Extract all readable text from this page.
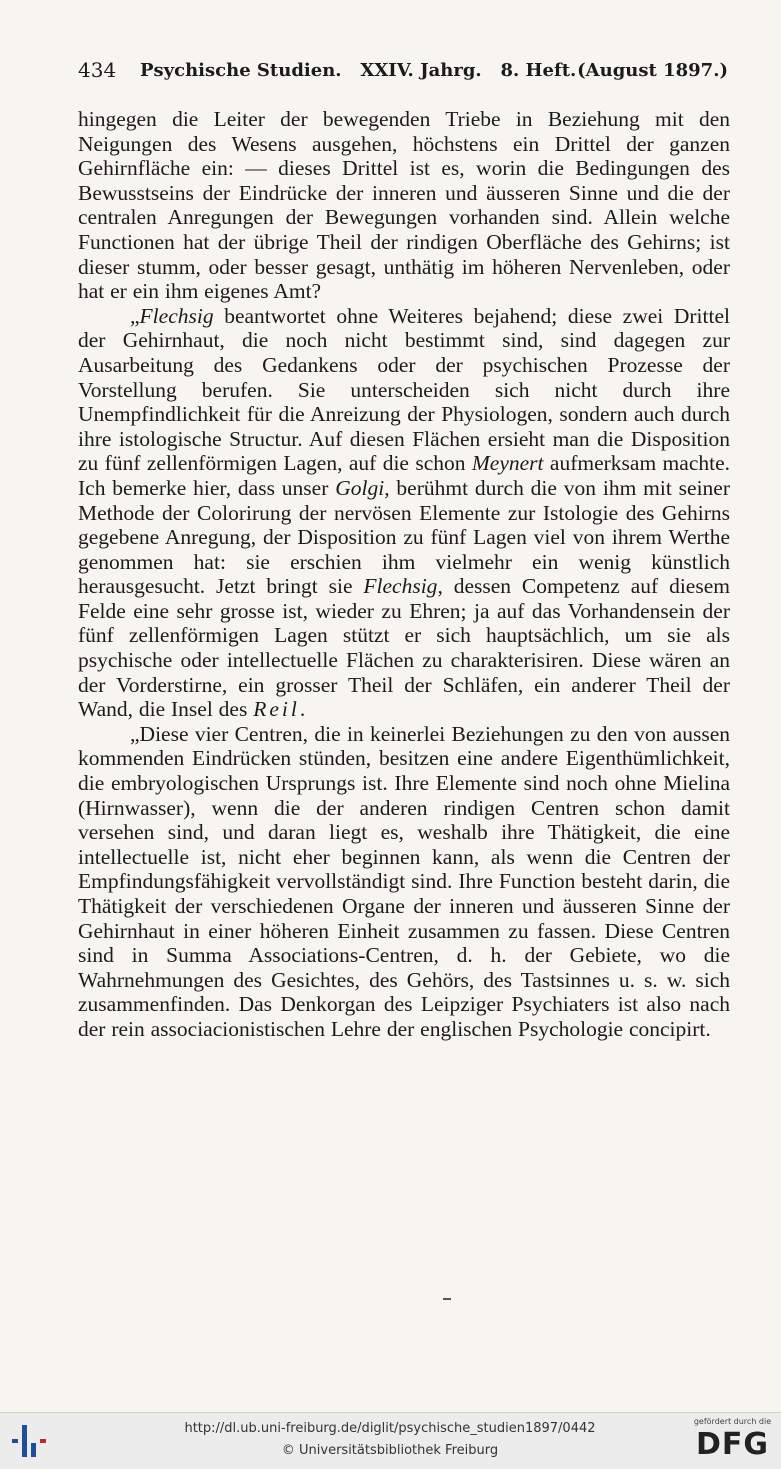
434 Psychische Studien. XXIV. Jahrg. 8. Heft. (August 1897.)

hingegen die Leiter der bewegenden Triebe in Beziehung mit den Neigungen des Wesens ausgehen, höchstens ein Drittel der ganzen Gehirnfläche ein: — dieses Drittel ist es, worin die Bedingungen des Bewusstseins der Eindrücke der inneren und äusseren Sinne und die der centralen Anregungen der Bewegungen vorhanden sind. Allein welche Functionen hat der übrige Theil der rindigen Oberfläche des Gehirns; ist dieser stumm, oder besser gesagt, unthätig im höheren Nervenleben, oder hat er ein ihm eigenes Amt?

„Flechsig beantwortet ohne Weiteres bejahend; diese zwei Drittel der Gehirnhaut, die noch nicht bestimmt sind, sind dagegen zur Ausarbeitung des Gedankens oder der psychischen Prozesse der Vorstellung berufen. Sie unterscheiden sich nicht durch ihre Unempfindlichkeit für die Anreizung der Physiologen, sondern auch durch ihre istologische Structur. Auf diesen Flächen ersieht man die Disposition zu fünf zellenförmigen Lagen, auf die schon Meynert aufmerksam machte. Ich bemerke hier, dass unser Golgi, berühmt durch die von ihm mit seiner Methode der Colorirung der nervösen Elemente zur Istologie des Gehirns gegebene Anregung, der Disposition zu fünf Lagen viel von ihrem Werthe genommen hat: sie erschien ihm vielmehr ein wenig künstlich herausgesucht. Jetzt bringt sie Flechsig, dessen Competenz auf diesem Felde eine sehr grosse ist, wieder zu Ehren; ja auf das Vorhandensein der fünf zellenförmigen Lagen stützt er sich hauptsächlich, um sie als psychische oder intellectuelle Flächen zu charakterisiren. Diese wären an der Vorderstirne, ein grosser Theil der Schläfen, ein anderer Theil der Wand, die Insel des Reil.

„Diese vier Centren, die in keinerlei Beziehungen zu den von aussen kommenden Eindrücken stünden, besitzen eine andere Eigenthümlichkeit, die embryologischen Ursprungs ist. Ihre Elemente sind noch ohne Mielina (Hirnwasser), wenn die der anderen rindigen Centren schon damit versehen sind, und daran liegt es, weshalb ihre Thätigkeit, die eine intellectuelle ist, nicht eher beginnen kann, als wenn die Centren der Empfindungsfähigkeit vervollständigt sind. Ihre Function besteht darin, die Thätigkeit der verschiedenen Organe der inneren und äusseren Sinne der Gehirnhaut in einer höheren Einheit zusammen zu fassen. Diese Centren sind in Summa Associations-Centren, d. h. der Gebiete, wo die Wahrnehmungen des Gesichtes, des Gehörs, des Tastsinnes u. s. w. sich zusammenfinden. Das Denkorgan des Leipziger Psychiaters ist also nach der rein associacionistischen Lehre der englischen Psychologie concipirt.

http://dl.ub.uni-freiburg.de/diglit/psychische_studien1897/0442
© Universitätsbibliothek Freiburg
gefördert durch die
DFG
